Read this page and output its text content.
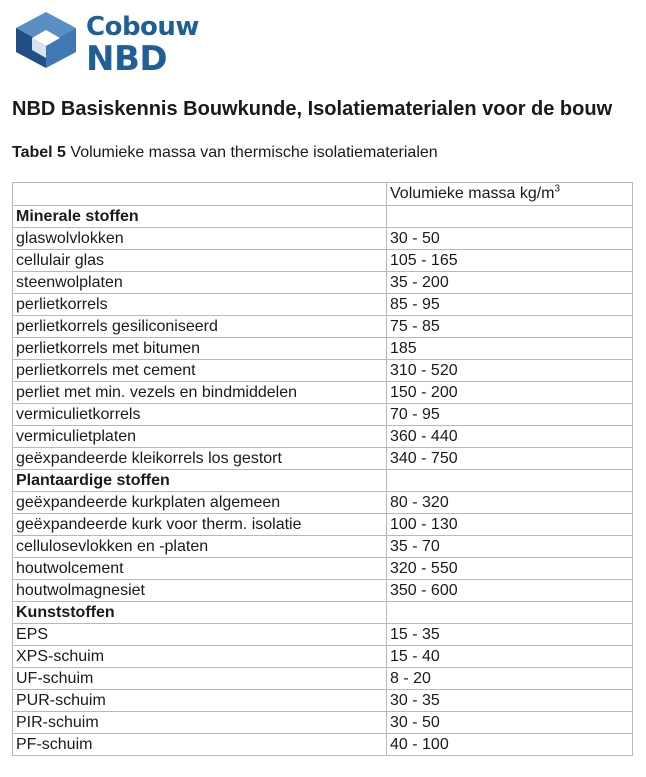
Cobouw
NBD
NBD Basiskennis Bouwkunde, Isolatiematerialen voor de bouw

Tabel 5 Volumieke massa van thermische isolatiematerialen

	Volumieke massa $kg/m^3$
Minerale stoffen	
glaswolvlokken	30 - 50
cellulair glas	105 - 165
steenwolplaten	35 - 200
perlietkorrels	85 - 95
perlietkorrels gesiliconiseerd	75 - 85
perlietkorrels met bitumen	185
perlietkorrels met cement	310 - 520
perliet met min. vezels en bindmiddelen	150 - 200
vermiculietkorrels	70 - 95
vermiculietplaten	360 - 440
geëxpandeerde kleikorrels los gestort	340 - 750
Plantaardige stoffen	
geëxpandeerde kurkplaten algemeen	80 - 320
geëxpandeerde kurk voor therm. isolatie	100 - 130
cellulosevlokken en -platen	35 - 70
houtwolcement	320 - 550
houtwolmagnesiet	350 - 600
Kunststoffen	
EPS	15 - 35
XPS-schuim	15 - 40
UF-schuim	8 - 20
PUR-schuim	30 - 35
PIR-schuim	30 - 50
PF-schuim	40 - 100
